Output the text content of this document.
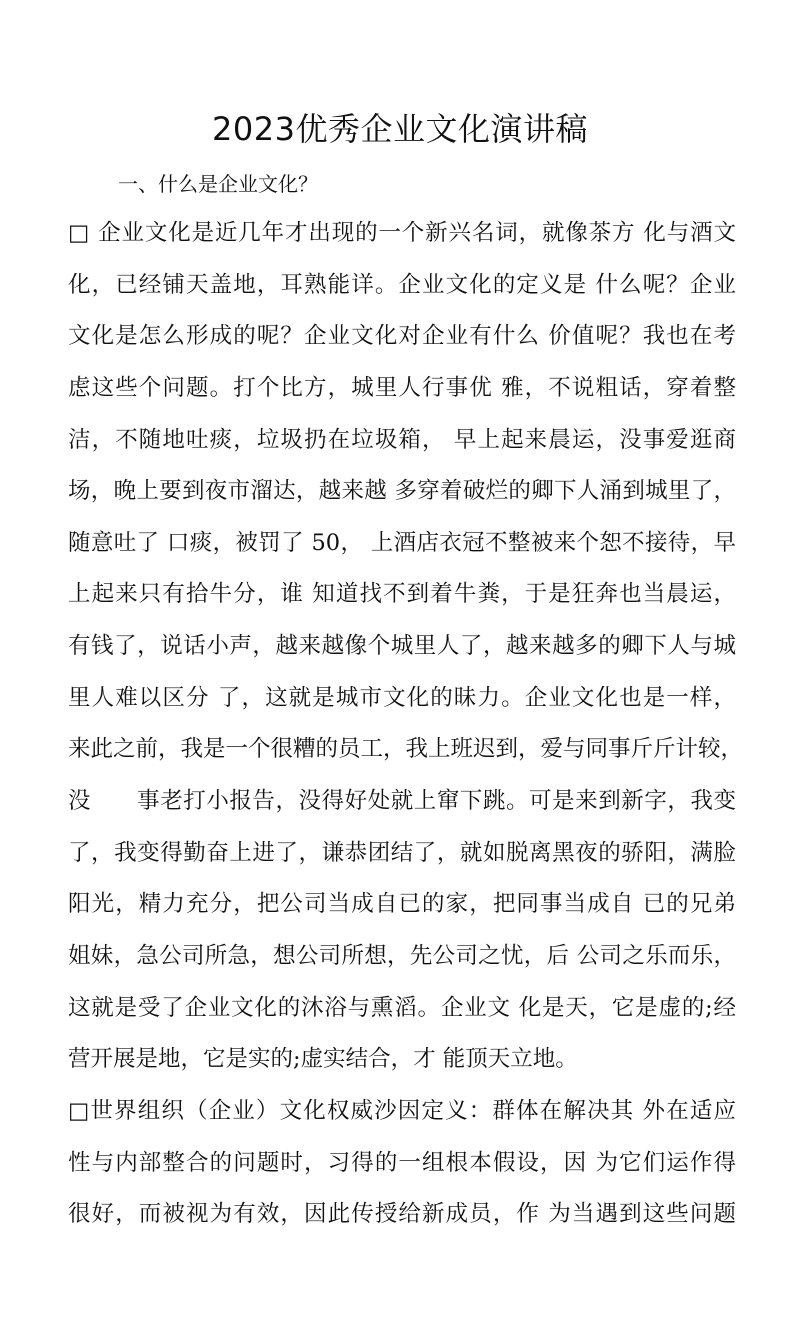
2023优秀企业文化演讲稿
一、什么是企业文化？
□ 企业文化是近几年才出现的一个新兴名词，就像茶方 化与酒文
化，已经铺天盖地，耳熟能详。企业文化的定义是 什么呢？企业
文化是怎么形成的呢？企业文化对企业有什么 价值呢？我也在考
虑这些个问题。打个比方，城里人行事优 雅，不说粗话，穿着整
洁，不随地吐痰，垃圾扔在垃圾箱， 早上起来晨运，没事爱逛商
场，晚上要到夜市溜达，越来越 多穿着破烂的卿下人涌到城里了，
随意吐了 口痰，被罚了 50， 上酒店衣冠不整被来个恕不接待，早
上起来只有拾牛分，谁 知道找不到着牛粪，于是狂奔也当晨运，
有钱了，说话小声，越来越像个城里人了，越来越多的卿下人与城
里人难以区分 了，这就是城市文化的昧力。企业文化也是一样，
来此之前，我是一个很糟的员工，我上班迟到，爱与同事斤斤计较，
没　　事老打小报告，没得好处就上窜下跳。可是来到新字，我变
了，我变得勤奋上进了，谦恭团结了，就如脱离黑夜的骄阳，满脸
阳光，精力充分，把公司当成自已的家，把同事当成自 已的兄弟
姐妹，急公司所急，想公司所想，先公司之忧，后 公司之乐而乐，
这就是受了企业文化的沐浴与熏滔。企业文 化是天，它是虚的;经
营开展是地，它是实的;虚实结合，才 能顶天立地。
□世界组织（企业）文化权威沙因定义：群体在解决其 外在适应
性与内部整合的问题时，习得的一组根本假设，因 为它们运作得
很好，而被视为有效，因此传授给新成员，作 为当遇到这些问题
